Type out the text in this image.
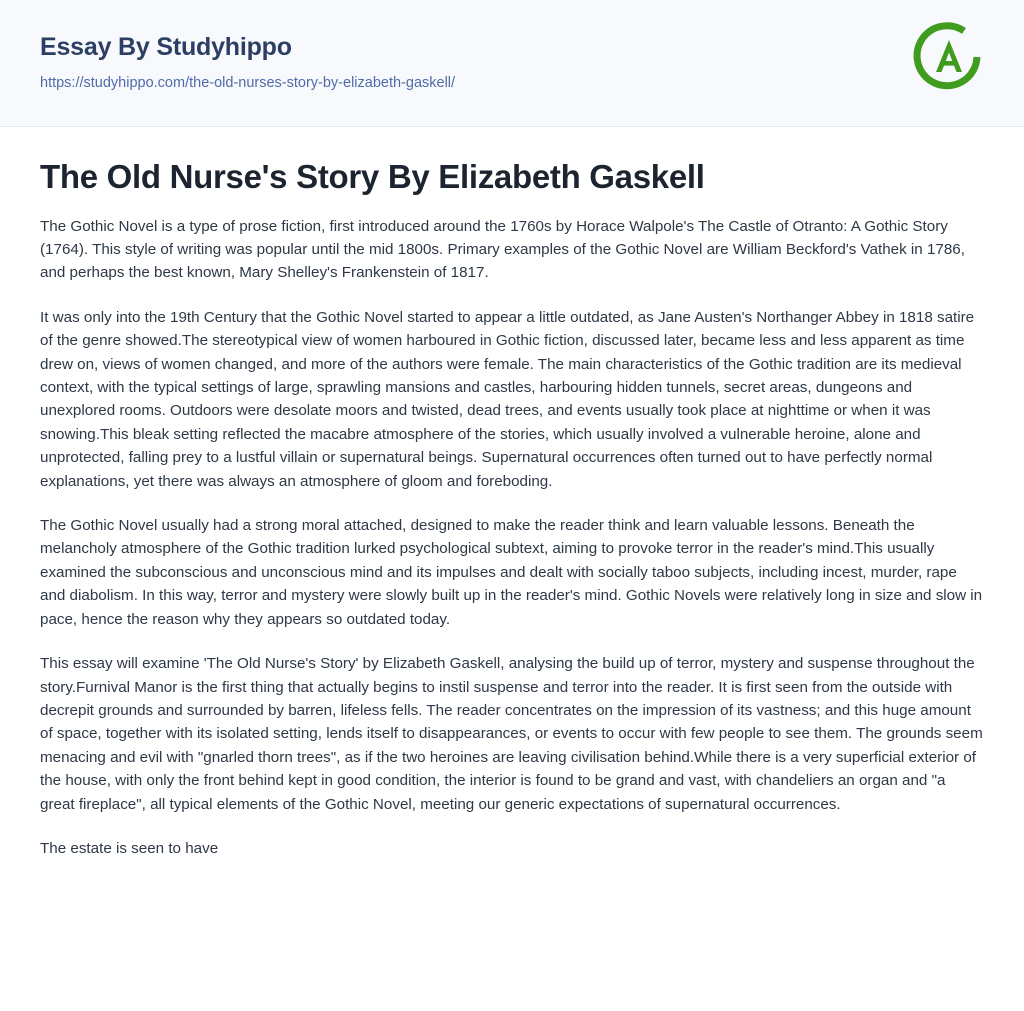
Essay By Studyhippo
https://studyhippo.com/the-old-nurses-story-by-elizabeth-gaskell/
The Old Nurse's Story By Elizabeth Gaskell

The Gothic Novel is a type of prose fiction, first introduced around the 1760s by Horace Walpole's The Castle of Otranto: A Gothic Story (1764). This style of writing was popular until the mid 1800s. Primary examples of the Gothic Novel are William Beckford's Vathek in 1786, and perhaps the best known, Mary Shelley's Frankenstein of 1817.

It was only into the 19th Century that the Gothic Novel started to appear a little outdated, as Jane Austen's Northanger Abbey in 1818 satire of the genre showed.The stereotypical view of women harboured in Gothic fiction, discussed later, became less and less apparent as time drew on, views of women changed, and more of the authors were female. The main characteristics of the Gothic tradition are its medieval context, with the typical settings of large, sprawling mansions and castles, harbouring hidden tunnels, secret areas, dungeons and unexplored rooms. Outdoors were desolate moors and twisted, dead trees, and events usually took place at nighttime or when it was snowing.This bleak setting reflected the macabre atmosphere of the stories, which usually involved a vulnerable heroine, alone and unprotected, falling prey to a lustful villain or supernatural beings. Supernatural occurrences often turned out to have perfectly normal explanations, yet there was always an atmosphere of gloom and foreboding.

The Gothic Novel usually had a strong moral attached, designed to make the reader think and learn valuable lessons. Beneath the melancholy atmosphere of the Gothic tradition lurked psychological subtext, aiming to provoke terror in the reader's mind.This usually examined the subconscious and unconscious mind and its impulses and dealt with socially taboo subjects, including incest, murder, rape and diabolism. In this way, terror and mystery were slowly built up in the reader's mind. Gothic Novels were relatively long in size and slow in pace, hence the reason why they appears so outdated today.

This essay will examine 'The Old Nurse's Story' by Elizabeth Gaskell, analysing the build up of terror, mystery and suspense throughout the story.Furnival Manor is the first thing that actually begins to instil suspense and terror into the reader. It is first seen from the outside with decrepit grounds and surrounded by barren, lifeless fells. The reader concentrates on the impression of its vastness; and this huge amount of space, together with its isolated setting, lends itself to disappearances, or events to occur with few people to see them. The grounds seem menacing and evil with "gnarled thorn trees", as if the two heroines are leaving civilisation behind.While there is a very superficial exterior of the house, with only the front behind kept in good condition, the interior is found to be grand and vast, with chandeliers an organ and "a great fireplace", all typical elements of the Gothic Novel, meeting our generic expectations of supernatural occurrences.

The estate is seen to have
